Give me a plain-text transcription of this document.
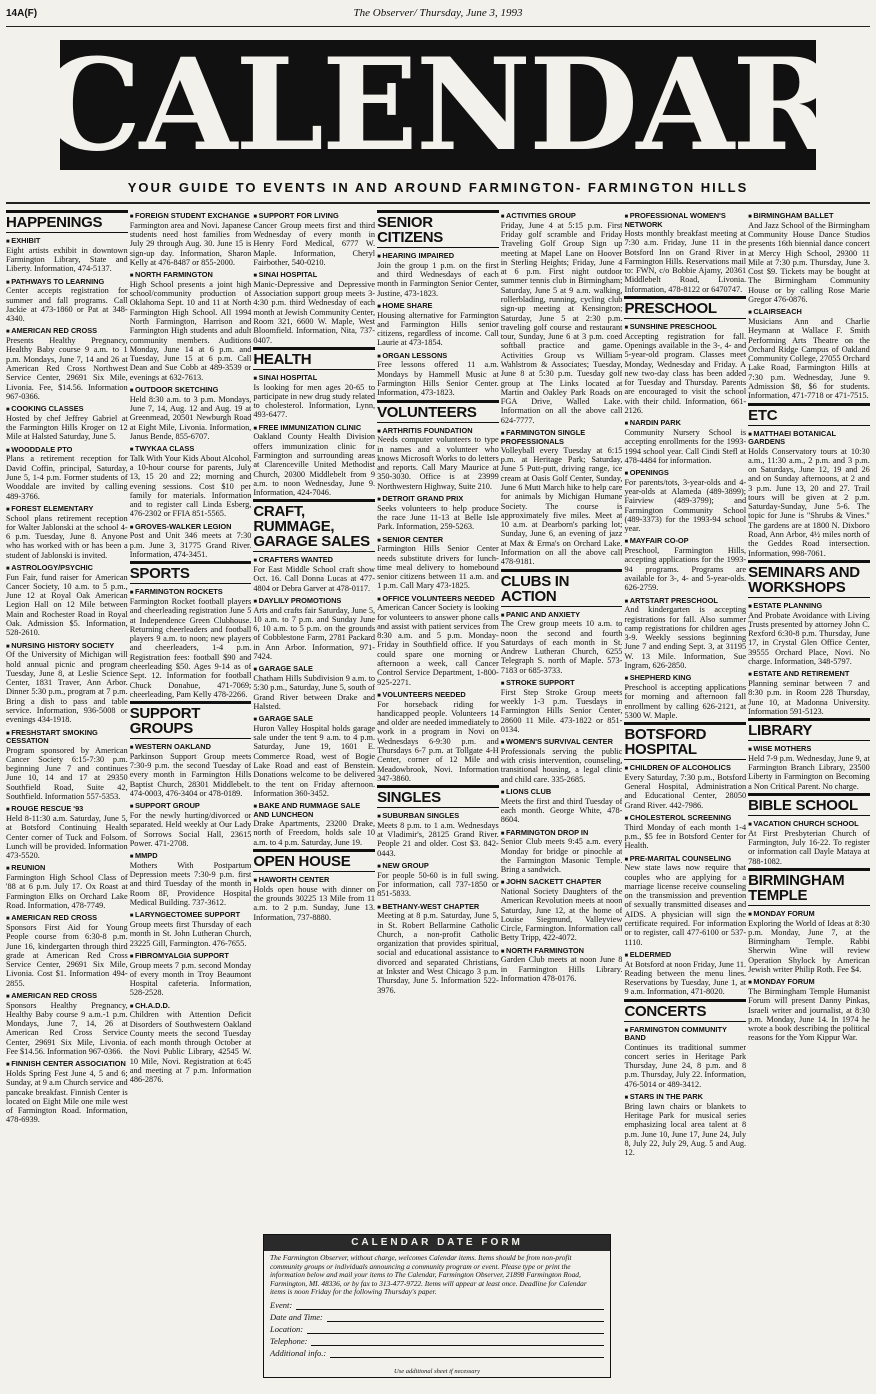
14A(F)	The Observer/ Thursday, June 3, 1993
CALENDAR
YOUR GUIDE TO EVENTS IN AND AROUND FARMINGTON- FARMINGTON HILLS
HAPPENINGS
■ EXHIBIT

Eight artists exhibit in downtown Farmington Library, State and Liberty. Information, 474-5137.

■ PATHWAYS TO LEARNING

Center accepts registration for summer and fall programs. Call Jackie at 473-1860 or Pat at 348-4340.

■ AMERICAN RED CROSS

Presents Healthy Pregnancy, Healthy Baby course 9 a.m. to 1 p.m. Mondays, June 7, 14 and 26 at American Red Cross Northwest Service Center, 29691 Six Mile, Livonia. Fee, $14.56. Information 967-0366.

■ COOKING CLASSES

Hosted by chef Jeffrey Gabriel at the Farmington Hills Kroger on 12 Mile at Halsted Saturday, June 5.

■ WOODDALE PTO

Plans a retirement reception for David Coffin, principal, Saturday, June 5, 1-4 p.m. Former students of Wooddale are invited by calling 489-3766.

■ FOREST ELEMENTARY

School plans retirement reception for Walter Jablonski at the school 4-6 p.m. Tuesday, June 8. Anyone who has worked with or has been a student of Jablonski is invited.

■ ASTROLOGY/PSYCHIC

Fun Fair, fund raiser for American Cancer Society, 10 a.m. to 5 p.m., June 12 at Royal Oak American Legion Hall on 12 Mile between Main and Rochester Road in Royal Oak. Admission $5. Information, 528-2610.

■ NURSING HISTORY SOCIETY

Of the University of Michigan will hold annual picnic and program Tuesday, June 8, at Leslie Science Center, 1831 Traver, Ann Arbor. Dinner 5:30 p.m., program at 7 p.m. Bring a dish to pass and table service. Information, 936-5008 or evenings 434-1918.

■ FRESHSTART SMOKING CESSATION

Program sponsored by American Cancer Society 6:15-7:30 p.m. beginning June 7 and continues June 10, 14 and 17 at 29350 Southfield Road, Suite 42, Southfield. Information 557-5353.

■ ROUGE RESCUE '93

Held 8-11:30 a.m. Saturday, June 5, at Botsford Continuing Health Center corner of Tuck and Folsom. Lunch will be provided. Information 473-5520.

■ REUNION

Farmington High School Class of '88 at 6 p.m. July 17. Ox Roast at Farmington Elks on Orchard Lake Road. Information, 478-7749.

■ AMERICAN RED CROSS

Sponsors First Aid for Young People course from 6:30-8 p.m. June 16, kindergarten through third grade at American Red Cross Service Center, 29691 Six Mile, Livonia. Cost $1. Information 494-2855.

■ AMERICAN RED CROSS

Sponsors Healthy Pregnancy, Healthy Baby course 9 a.m.-1 p.m. Mondays, June 7, 14, 26 at American Red Cross Service Center, 29691 Six Mile, Livonia. Fee $14.56. Information 967-0366.

■ FINNISH CENTER ASSOCIATION

Holds Spring Fest June 4, 5 and 6; Sunday, at 9 a.m Church service and pancake breakfast. Finnish Center is located on Eight Mile one mile west of Farmington Road. Information, 478-6939.

■ FOREIGN STUDENT EXCHANGE

Farmington area and Novi. Japanese students need host families from July 29 through Aug. 30. June 15 is sign-up day. Information, Sharon Kelly at 476-8487 or 855-2000.

■ NORTH FARMINGTON

High School presents a joint high school/community production of Oklahoma Sept. 10 and 11 at North Farmington High School. All 1994 North Farmington, Harrison and Farmington High students and adult community members. Auditions Monday, June 14 at 6 p.m. and Tuesday, June 15 at 6 p.m. Call Dean and Sue Cobb at 489-3539 or evenings at 632-7613.

■ OUTDOOR SKETCHING

Held 8:30 a.m. to 3 p.m. Mondays, June 7, 14, Aug. 12 and Aug. 19 at Greenmead, 20501 Newburgh Road at Eight Mile, Livonia. Information, Janus Bende, 855-6707.

■ TWYKAA CLASS

Talk With Your Kids About Alcohol, a 10-hour course for parents, July 13, 15 20 and 22; morning and evening sessions. Cost $10 per family for materials. Information and to register call Linda Esberg, 476-2302 or FFIA 851-5565.

■ GROVES-WALKER LEGION

Post and Unit 346 meets at 7:30 p.m. June 3, 31775 Grand River. Information, 474-3451.

SPORTS
■ FARMINGTON ROCKETS

Farmington Rocket football players and cheerleading registration June 5 at Independence Green Clubhouse. Returning cheerleaders and football players 9 a.m. to noon; new players and cheerleaders, 1-4 p.m. Registration fees: football $90 and cheerleading $50. Ages 9-14 as of Sept. 12. Information for football Chuck Donahue, 471-7069; cheerleading, Pam Kelly 478-2266.

SUPPORT GROUPS
■ WESTERN OAKLAND

Parkinson Support Group meets 7:30-9 p.m. the second Tuesday of every month in Farmington Hills Baptist Church, 28301 Middlebelt. 474-0003, 476-3404 or 478-0189.

■ SUPPORT GROUP

For the newly hurting/divorced or separated. Held weekly at Our Lady of Sorrows Social Hall, 23615 Power. 471-2708.

■ MMPD

Mothers With Postpartum Depression meets 7:30-9 p.m. first and third Tuesday of the month in Room 8F, Providence Hospital Medical Building. 737-3612.

■ LARYNGECTOMEE SUPPORT

Group meets first Thursday of each month in St. John Lutheran Church, 23225 Gill, Farmington. 476-7655.

■ FIBROMYALGIA SUPPORT

Group meets 7 p.m. second Monday of every month in Troy Beaumont Hospital cafeteria. Information, 528-2528.

■ CH.A.D.D.

Children with Attention Deficit Disorders of Southwestern Oakland County meets the second Tuesday of each month through October at the Novi Public Library, 42545 W. 10 Mile, Novi. Registration at 6:45 and meeting at 7 p.m. Information 486-2876.

■ SUPPORT FOR LIVING

Cancer Group meets first and third Wednesday of every month in Henry Ford Medical, 6777 W. Maple. Information, Cheryl Fairbother, 540-0210.

■ SINAI HOSPITAL

Manic-Depressive and Depressive Association support group meets 3-4:30 p.m. third Wednesday of each month at Jewish Community Center, Room 321, 6600 W. Maple, West Bloomfield. Information, Nita, 737-0407.

HEALTH
■ SINAI HOSPITAL

Is looking for men ages 20-65 to participate in new drug study related to cholesterol. Information, Lynn, 493-6477.

■ FREE IMMUNIZATION CLINIC

Oakland County Health Division offers immunization clinic for Farmington and surrounding areas at Clarenceville United Methodist Church, 20300 Middlebelt from 9 a.m. to noon Wednesday, June 9. Information, 424-7046.

CRAFT, RUMMAGE, GARAGE SALES
■ CRAFTERS WANTED

For East Middle School craft show Oct. 16. Call Donna Lucas at 477-4804 or Debra Garver at 478-0117.

■ DAYLILY PROMOTIONS

Arts and crafts fair Saturday, June 5, 10 a.m. to 7 p.m. and Sunday June 6, 10 a.m. to 5 p.m. on the grounds of Cobblestone Farm, 2781 Packard in Ann Arbor. Information, 971-7424.

■ GARAGE SALE

Chatham Hills Subdivision 9 a.m. to 5:30 p.m., Saturday, June 5, south of Grand River between Drake and Halsted.

■ GARAGE SALE

Huron Valley Hospital holds garage sale under the tent 9 a.m. to 4 p.m. Saturday, June 19, 1601 E. Commerce Road, west of Bogie Lake Road and east of Benstein. Donations welcome to be delivered to the tent on Friday afternoon. Information 360-3452.

■ BAKE AND RUMMAGE SALE AND LUNCHEON

Drake Apartments, 23200 Drake, north of Freedom, holds sale 10 a.m. to 4 p.m. Saturday, June 19.

OPEN HOUSE
■ HAWORTH CENTER

Holds open house with dinner on the grounds 30225 13 Mile from 11 a.m. to 2 p.m. Sunday, June 13. Information, 737-8880.

SENIOR CITIZENS
■ HEARING IMPAIRED

Join the group 1 p.m. on the first and third Wednesdays of each month in Farmington Senior Center, Justine, 473-1823.

■ HOME SHARE

Housing alternative for Farmington and Farmington Hills senior citizens, regardless of income. Call Laurie at 473-1854.

■ ORGAN LESSONS

Free lessons offered 11 a.m. Mondays by Hammell Music at Farmington Hills Senior Center. Information, 473-1823.

VOLUNTEERS
■ ARTHRITIS FOUNDATION

Needs computer volunteers to type in names and a volunteer who knows Microsoft Works to do letters and reports. Call Mary Maurice at 350-3030. Office is at 23999 Northwestern Highway, Suite 210.

■ DETROIT GRAND PRIX

Seeks volunteers to help produce the race June 11-13 at Belle Isle Park. Information, 259-5263.

■ SENIOR CENTER

Farmington Hills Senior Center needs substitute drivers for lunch-time meal delivery to homebound senior citizens between 11 a.m. and 1 p.m. Call Mary 473-1825.

■ OFFICE VOLUNTEERS NEEDED

American Cancer Society is looking for volunteers to answer phone calls and assist with patient services from 8:30 a.m. and 5 p.m. Monday-Friday in Southfield office. If you could spare one morning or afternoon a week, call Cancer Control Service Department, 1-800-925-2271.

■ VOLUNTEERS NEEDED

For horseback riding for handicapped people. Volunteers 14 and older are needed immediately to work in a program in Novi on Wednesdays 6-9:30 p.m. and Thursdays 6-7 p.m. at Tollgate 4-H Center, corner of 12 Mile and Meadowbrook, Novi. Information 347-3860.

SINGLES
■ SUBURBAN SINGLES

Meets 8 p.m. to 1 a.m. Wednesdays at Vladimir's, 28125 Grand River. People 21 and older. Cost $3. 842-0443.

■ NEW GROUP

For people 50-60 is in full swing. For information, call 737-1850 or 851-5833.

■ BETHANY-WEST CHAPTER

Meeting at 8 p.m. Saturday, June 5, in St. Robert Bellarmine Catholic Church, a non-profit Catholic organization that provides spiritual, social and educational assistance to divorced and separated Christians, at Inkster and West Chicago 3 p.m. Thursday, June 5. Information 522-3976.

■ ACTIVITIES GROUP

Friday, June 4 at 5:15 p.m. First Friday golf scramble and Friday Traveling Golf Group Sign up meeting at Mapel Lane on Hoover in Sterling Heights; Friday, June 4 at 6 p.m. First night outdoor summer tennis club in Birmingham; Saturday, June 5 at 9 a.m. walking, rollerblading, running, cycling club sign-up meeting at Kensington; Saturday, June 5 at 2:30 p.m. traveling golf course and restaurant tour, Sunday, June 6 at 3 p.m. coed softball practice and game. Activities Group vs William Wahlstrom & Associates; Tuesday, June 8 at 5:30 p.m. Tuesday golf group at The Links located at Martin and Oakley Park Roads on FGA Drive, Walled Lake. Information on all the above call 624-7777.

■ FARMINGTON SINGLE PROFESSIONALS

Volleyball every Tuesday at 6:15 p.m. at Heritage Park; Saturday, June 5 Putt-putt, driving range, ice cream at Oasis Golf Center, Sunday, June 6 Mutt March hike to help care for animals by Michigan Humane Society. The course is approximately five miles. Meet at 10 a.m. at Dearborn's parking lot; Sunday, June 6, an evening of jazz at Max & Erma's on Orchard Lake. Information on all the above call 478-9181.

CLUBS IN ACTION
■ PANIC AND ANXIETY

The Crew group meets 10 a.m. to noon the second and fourth Saturdays of each month in St. Andrew Lutheran Church, 6255 Telegraph S. north of Maple. 573-7183 or 685-3733.

■ STROKE SUPPORT

First Step Stroke Group meets weekly 1-3 p.m. Tuesdays in Farmington Hills Senior Center, 28600 11 Mile. 473-1822 or 851-0134.

■ WOMEN'S SURVIVAL CENTER

Professionals serving the public with crisis intervention, counseling, transitional housing, a legal clinic and child care. 335-2685.

■ LIONS CLUB

Meets the first and third Tuesday of each month. George White, 478-8604.

■ FARMINGTON DROP IN

Senior Club meets 9:45 a.m. every Monday for bridge or pinochle at the Farmington Masonic Temple. Bring a sandwich.

■ JOHN SACKETT CHAPTER

National Society Daughters of the American Revolution meets at noon Saturday, June 12, at the home of Louise Siegmund, Valleyview Circle, Farmington. Information call Betty Tripp, 422-4072.

■ NORTH FARMINGTON

Garden Club meets at noon June 8 in Farmington Hills Library. Information 478-0176.

■ PROFESSIONAL WOMEN'S NETWORK

Hosts monthly breakfast meeting at 7:30 a.m. Friday, June 11 in the Botsford Inn on Grand River in Farmington Hills. Reservations mail to: FWN, c/o Bobbie Ajamy, 20361 Middlebelt Road, Livonia. Information, 478-8122 or 6470747.

PRESCHOOL
■ SUNSHINE PRESCHOOL

Accepting registration for fall. Openings available in the 3-, 4- and 5-year-old program. Classes meet Monday, Wednesday and Friday. A new two-day class has been added for Tuesday and Thursday. Parents are encouraged to visit the school with their child. Information, 661-2126.

■ NARDIN PARK

Community Nursery School is accepting enrollments for the 1993-1994 school year. Call Cindi Stefl at 478-4484 for information.

■ OPENINGS

For parents/tots, 3-year-olds and 4-year-olds at Alameda (489-3899); Fairview (489-3799); and Farmington Community School (489-3373) for the 1993-94 school year.

■ MAYFAIR CO-OP

Preschool, Farmington Hills, accepting applications for the 1993-94 programs. Programs are available for 3-, 4- and 5-year-olds. 626-2759.

■ ARTSTART PRESCHOOL

And kindergarten is accepting registrations for fall. Also summer camp registrations for children ages 3-9. Weekly sessions beginning June 7 and ending Sept. 3, at 31195 W. 13 Mile. Information, Sue Ingram, 626-2850.

■ SHEPHERD KING

Preschool is accepting applications for morning and afternoon fall enrollment by calling 626-2121, at 5300 W. Maple.

BOTSFORD HOSPITAL
■ CHILDREN OF ALCOHOLICS

Every Saturday, 7:30 p.m., Botsford General Hospital, Administration and Educational Center, 28050 Grand River. 442-7986.

■ CHOLESTEROL SCREENING

Third Monday of each month 1-4 p.m., $5 fee in Botsford Center for Health.

■ PRE-MARITAL COUNSELING

New state laws now require that couples who are applying for a marriage license receive counseling on the transmission and prevention of sexually transmitted diseases and AIDS. A physician will sign the certificate required. For information or to register, call 477-6100 or 537-1110.

■ ELDERMED

At Botsford at noon Friday, June 11. Reading between the menu lines. Reservations by Tuesday, June 1, at 9 a.m. Information, 471-8020.

CONCERTS
■ FARMINGTON COMMUNITY BAND

Continues its traditional summer concert series in Heritage Park Thursday, June 24, 8 p.m. and 8 p.m. Thursday, July 22. Information, 476-5014 or 489-3412.

■ STARS IN THE PARK

Bring lawn chairs or blankets to Heritage Park for musical series emphasizing local area talent at 8 p.m. June 10, June 17, June 24, July 8, July 22, July 29, Aug. 5 and Aug. 12.

■ BIRMINGHAM BALLET

And Jazz School of the Birmingham Community House Dance Studios presents 16th biennial dance concert at Mercy High School, 29300 11 Mile at 7:30 p.m. Thursday, June 3. Cost $9. Tickets may be bought at The Birmingham Community House or by calling Rose Marie Gregor 476-0876.

■ CLAIRSEACH

Musicians Ann and Charlie Heymann at Wallace F. Smith Performing Arts Theatre on the Orchard Ridge Campus of Oakland Community College, 27055 Orchard Lake Road, Farmington Hills at 7:30 p.m. Wednesday, June 9. Admission $8, $6 for students. Information, 471-7718 or 471-7515.

ETC
■ MATTHAEI BOTANICAL GARDENS

Holds Conservatory tours at 10:30 a.m., 11:30 a.m., 2 p.m. and 3 p.m. on Saturdays, June 12, 19 and 26 and on Sunday afternoons, at 2 and 3 p.m. June 13, 20 and 27. Trail tours will be given at 2 p.m. Saturday-Sunday, June 5-6. The topic for June is "Shrubs & Vines." The gardens are at 1800 N. Dixboro Road, Ann Arbor, 4½ miles north of the Geddes Road intersection. Information, 998-7061.

SEMINARS AND WORKSHOPS
■ ESTATE PLANNING

And Probate Avoidance with Living Trusts presented by attorney John C. Rexford 6:30-8 p.m. Thursday, June 17, in Crystal Glen Office Center, 39555 Orchard Place, Novi. No charge. Information, 348-5797.

■ ESTATE AND RETIREMENT

Planning seminar between 7 and 8:30 p.m. in Room 228 Thursday, June 10, at Madonna University. Information 591-5123.

LIBRARY
■ WISE MOTHERS

Held 7-9 p.m. Wednesday, June 9, at Farmington Branch Library, 23500 Liberty in Farmington on Becoming a Non Critical Parent. No charge.

BIBLE SCHOOL
■ VACATION CHURCH SCHOOL

At First Presbyterian Church of Farmington, July 16-22. To register or information call Dayle Mataya at 788-1082.

BIRMINGHAM TEMPLE
■ MONDAY FORUM

Exploring the World of Ideas at 8:30 p.m. Monday, June 7, at the Birmingham Temple. Rabbi Sherwin Wine will review Operation Shylock by American Jewish writer Philip Roth. Fee $4.

■ MONDAY FORUM

The Birmingham Temple Humanist Forum will present Danny Pinkas, Israeli writer and journalist, at 8:30 p.m. Monday, June 14. In 1974 he wrote a book describing the political reasons for the Yom Kippur War.

CALENDAR DATE FORM
The Farmington Observer, without charge, welcomes Calendar items. Items should be from non-profit community groups or individuals announcing a community program or event. Please type or print the information below and mail your items to The Calendar, Farmington Observer, 21898 Farmington Road, Farmington, MI. 48336, or by fax to 313-477-9722. Items will appear at least once. Deadline for Calendar items is noon Friday for the following Thursday's paper.
Event:
Date and Time:
Location:
Telephone:
Additional info.:
Use additional sheet if necessary
